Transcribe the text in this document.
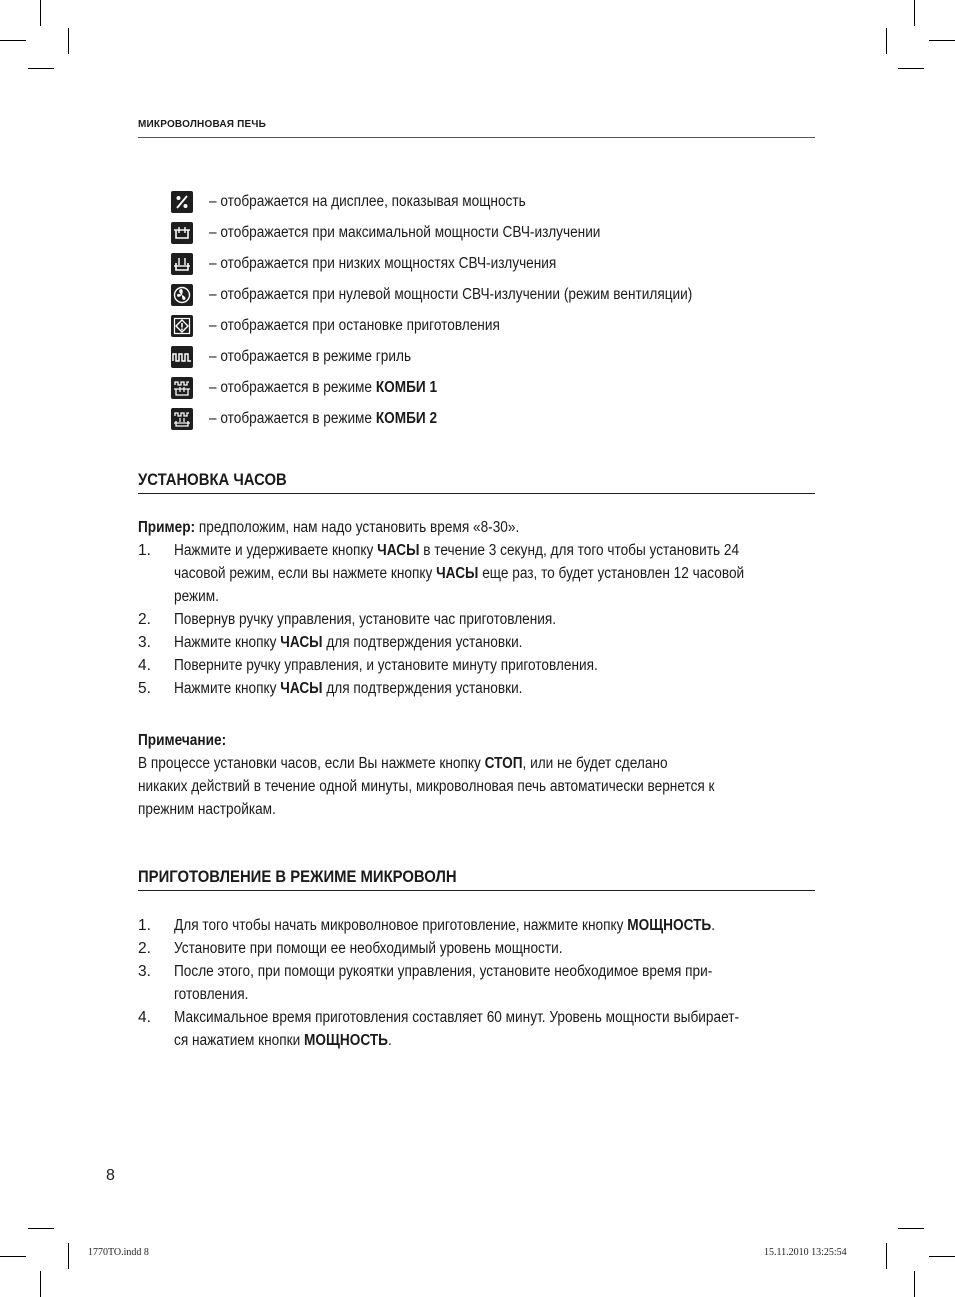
МИКРОВОЛНОВАЯ ПЕЧЬ
– отображается на дисплее, показывая мощность
– отображается при максимальной мощности СВЧ-излучении
– отображается при низких мощностях СВЧ-излучения
– отображается при нулевой мощности СВЧ-излучении (режим вентиляции)
– отображается при остановке приготовления
– отображается в режиме гриль
– отображается в режиме КОМБИ 1
– отображается в режиме КОМБИ 2
УСТАНОВКА ЧАСОВ
Пример: предположим, нам надо установить время «8-30».
1. Нажмите и удерживаете кнопку ЧАСЫ в течение 3 секунд, для того чтобы установить 24
часовой режим, если вы нажмете кнопку ЧАСЫ еще раз, то будет установлен 12 часовой
режим.
2. Повернув ручку управления, установите час приготовления.
3. Нажмите кнопку ЧАСЫ для подтверждения установки.
4. Поверните ручку управления, и установите минуту приготовления.
5. Нажмите кнопку ЧАСЫ для подтверждения установки.
Примечание:
В процессе установки часов, если Вы нажмете кнопку СТОП, или не будет сделано
никаких действий в течение одной минуты, микроволновая печь автоматически вернется к
прежним настройкам.
ПРИГОТОВЛЕНИЕ В РЕЖИМЕ МИКРОВОЛН
1. Для того чтобы начать микроволновое приготовление, нажмите кнопку МОЩНОСТЬ.
2. Установите при помощи ее необходимый уровень мощности.
3. После этого, при помощи рукоятки управления, установите необходимое время при-
готовления.
4. Максимальное время приготовления составляет 60 минут. Уровень мощности выбирает-
ся нажатием кнопки МОЩНОСТЬ.
8
1770TO.indd 8	15.11.2010 13:25:54
